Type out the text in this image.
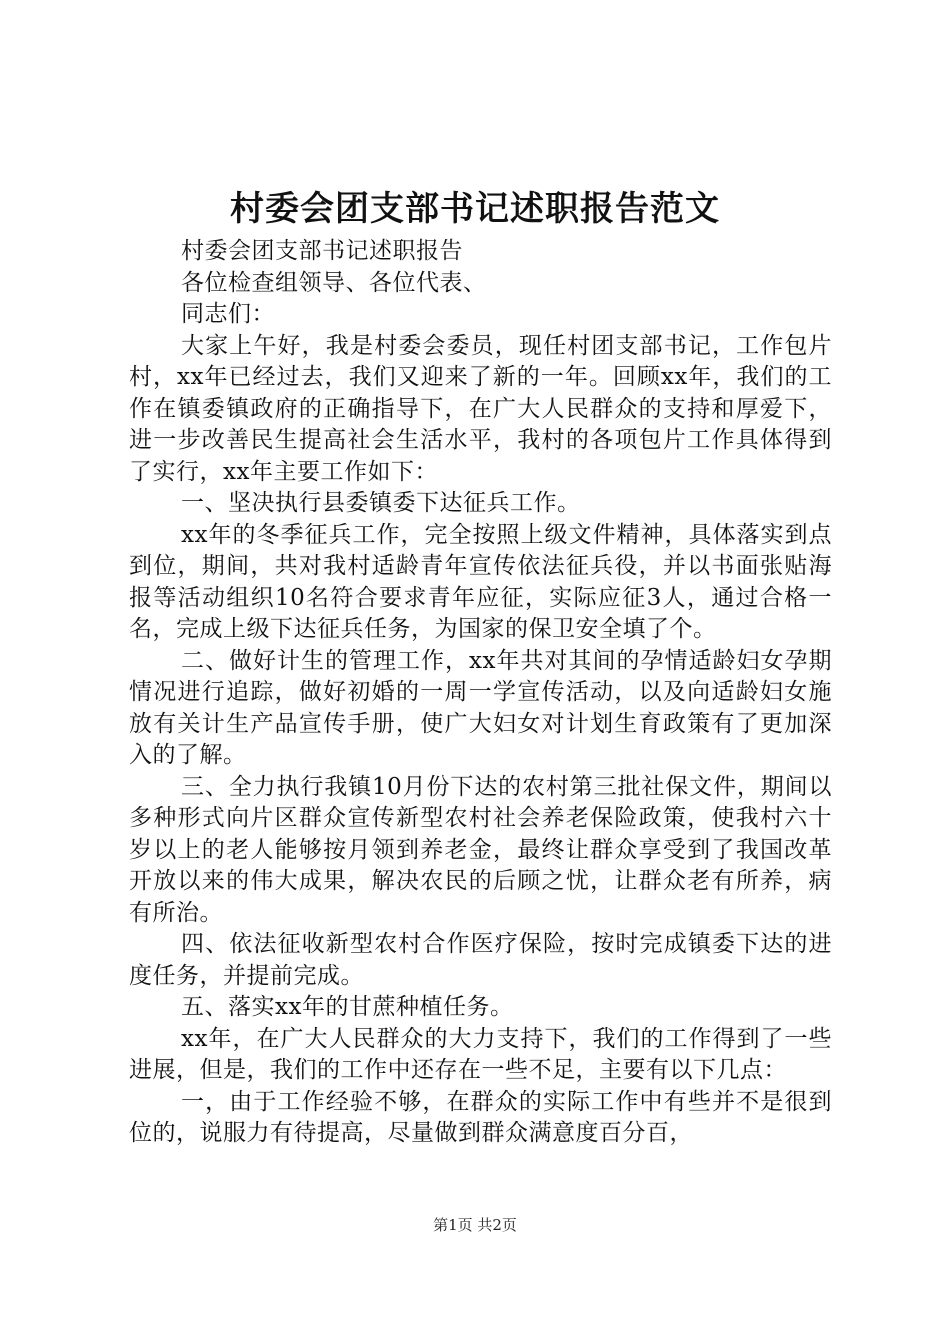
村委会团支部书记述职报告范文

村委会团支部书记述职报告

各位检查组领导、各位代表、

同志们：

大家上午好，我是村委会委员，现任村团支部书记，工作包片村，xx年已经过去，我们又迎来了新的一年。回顾xx年，我们的工作在镇委镇政府的正确指导下，在广大人民群众的支持和厚爱下，进一步改善民生提高社会生活水平，我村的各项包片工作具体得到了实行，xx年主要工作如下：

一、坚决执行县委镇委下达征兵工作。

xx年的冬季征兵工作，完全按照上级文件精神，具体落实到点到位，期间，共对我村适龄青年宣传依法征兵役，并以书面张贴海报等活动组织10名符合要求青年应征，实际应征3人，通过合格一名，完成上级下达征兵任务，为国家的保卫安全填了个。

二、做好计生的管理工作，xx年共对其间的孕情适龄妇女孕期情况进行追踪，做好初婚的一周一学宣传活动，以及向适龄妇女施放有关计生产品宣传手册，使广大妇女对计划生育政策有了更加深入的了解。

三、全力执行我镇10月份下达的农村第三批社保文件，期间以多种形式向片区群众宣传新型农村社会养老保险政策，使我村六十岁以上的老人能够按月领到养老金，最终让群众享受到了我国改革开放以来的伟大成果，解决农民的后顾之忧，让群众老有所养，病有所治。

四、依法征收新型农村合作医疗保险，按时完成镇委下达的进度任务，并提前完成。

五、落实xx年的甘蔗种植任务。

xx年，在广大人民群众的大力支持下，我们的工作得到了一些进展，但是，我们的工作中还存在一些不足，主要有以下几点：

一，由于工作经验不够，在群众的实际工作中有些并不是很到位的，说服力有待提高，尽量做到群众满意度百分百，

第1页 共2页
